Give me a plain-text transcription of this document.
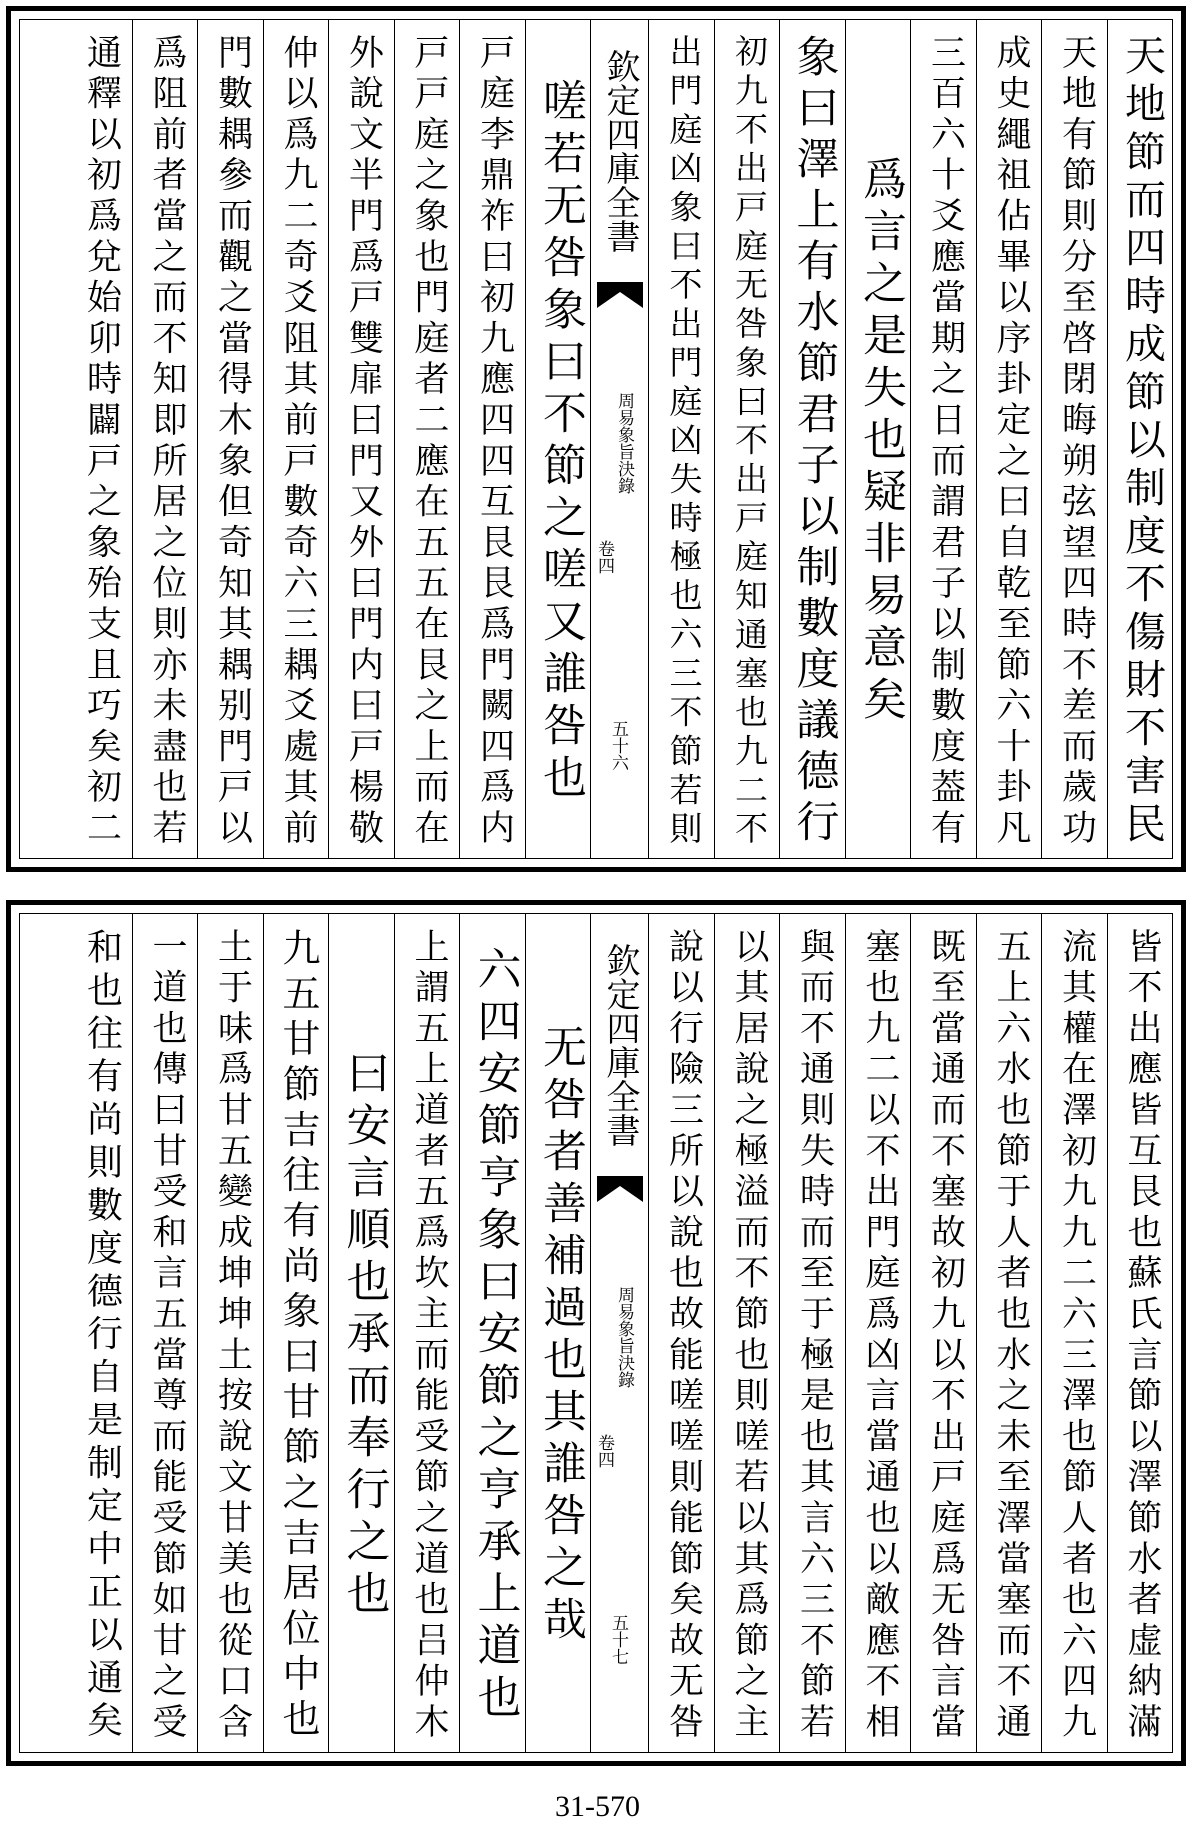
天地節而四時成節以制度不傷財不害民
天地有節則分至啓閉晦朔弦望四時不差而歲功
成史繩祖佔畢以序卦定之曰自乾至節六十卦凡
三百六十爻應當期之日而謂君子以制數度葢有
爲言之是失也疑非易意矣
象曰澤上有水節君子以制數度議德行
初九不出戸庭无咎象曰不出戸庭知通塞也九二不
出門庭凶象曰不出門庭凶失時極也六三不節若則
欽定四庫全書
周易象旨決錄
卷四
五十六
嗟若无咎象曰不節之嗟又誰咎也
戸庭李鼎祚曰初九應四四互艮艮爲門闕四爲内
戸戸庭之象也門庭者二應在五五在艮之上而在
外說文半門爲戸雙扉曰門又外曰門内曰戸楊敬
仲以爲九二奇爻阻其前戸數奇六三耦爻處其前
門數耦參而觀之當得木象但奇知其耦别門戸以
爲阻前者當之而不知即所居之位則亦未盡也若
通釋以初爲兌始卯時闢戸之象殆支且巧矣初二
皆不出應皆互艮也蘇氏言節以澤節水者虚納滿
流其權在澤初九九二六三澤也節人者也六四九
五上六水也節于人者也水之未至澤當塞而不通
既至當通而不塞故初九以不出戸庭爲无咎言當
塞也九二以不出門庭爲凶言當通也以敵應不相
與而不通則失時而至于極是也其言六三不節若
以其居說之極溢而不節也則嗟若以其爲節之主
說以行險三所以說也故能嗟嗟則能節矣故无咎
欽定四庫全書
周易象旨決錄
卷四
五十七
无咎者善補過也其誰咎之哉
六四安節亨象曰安節之亨承上道也
上謂五上道者五爲坎主而能受節之道也吕仲木
曰安言順也承而奉行之也
九五甘節吉往有尚象曰甘節之吉居位中也
土于味爲甘五變成坤坤土按說文甘美也從口含
一道也傳曰甘受和言五當尊而能受節如甘之受
和也往有尚則數度德行自是制定中正以通矣
31-570
